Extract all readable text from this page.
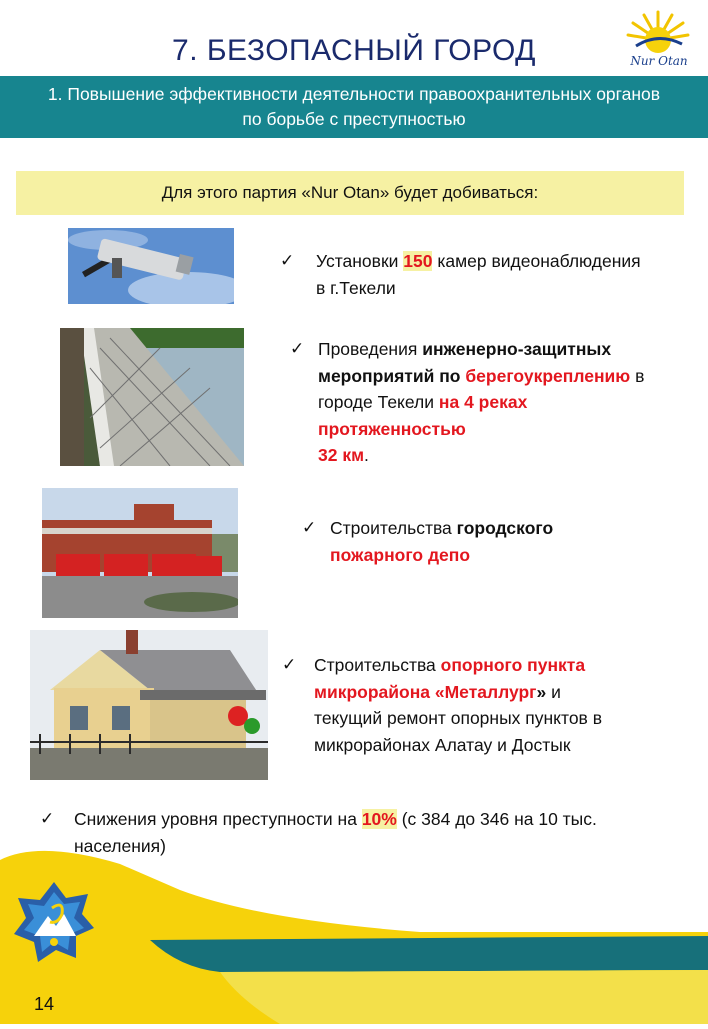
7. БЕЗОПАСНЫЙ ГОРОД	Nur Otan
1. Повышение эффективности деятельности правоохранительных органов
по борьбе с преступностью
Для этого партия «Nur Otan» будет добиваться:
✓	Установки 150 камер видеонаблюдения
в г.Текели
✓ Проведения инженерно-защитных
мероприятий по берегоукреплению в
городе Текели на 4 реках
протяженностью
32 км.
✓ Строительства городского
пожарного депо
✓	Строительства опорного пункта
микрорайона «Металлург» и
текущий ремонт опорных пунктов в
микрорайонах Алатау и Достык
✓	Снижения уровня преступности на 10% (с 384 до 346 на 10 тыс.
населения)
14
